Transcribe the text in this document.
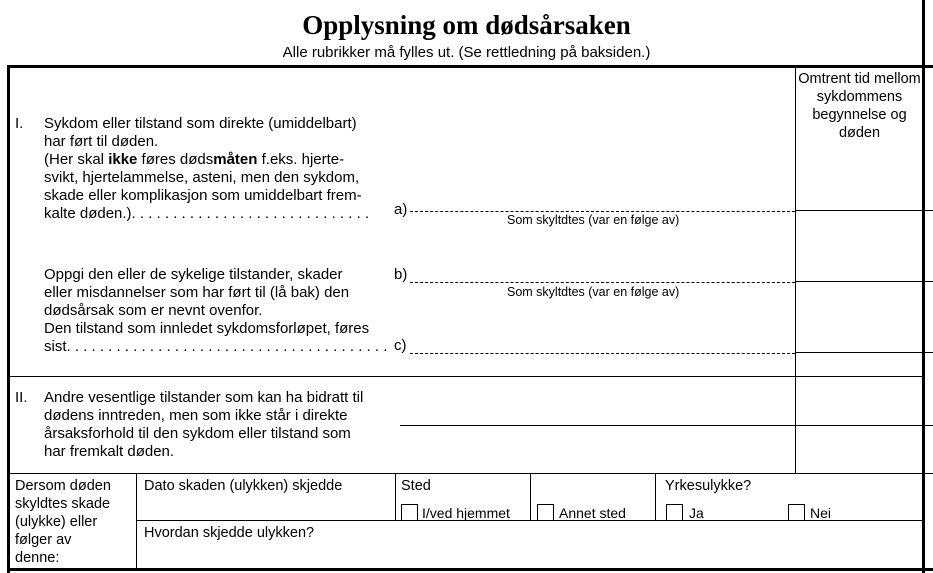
Opplysning om dødsårsaken
Alle rubrikker må fylles ut. (Se rettledning på baksiden.)
Omtrent tid mellom sykdommens begynnelse og døden
I. Sykdom eller tilstand som direkte (umiddelbart)
har ført til døden.
(Her skal ikke føres dødsmåten f.eks. hjerte-
svikt, hjertelammelse, asteni, men den sykdom,
skade eller komplikasjon som umiddelbart frem-
kalte døden.). . . . . . . . . . . . . . . . . . . . . . . . . . . . .	a)
Som skyltdtes (var en følge av)
Oppgi den eller de sykelige tilstander, skader
eller misdannelser som har ført til (lå bak) den
dødsårsak som er nevnt ovenfor.
Den tilstand som innledet sykdomsforløpet, føres
sist. . . . . . . . . . . . . . . . . . . . . . . . . . . . . . . . . . . . . . .
b)
Som skyltdtes (var en følge av)
c)
II. Andre vesentlige tilstander som kan ha bidratt til
dødens inntreden, men som ikke står i direkte
årsaksforhold til den sykdom eller tilstand som
har fremkalt døden.
Dersom døden
skyldtes skade
(ulykke) eller
følger av
denne:
Dato skaden (ulykken) skjedde	Sted
I/ved hjemmet	Annet sted
Yrkesulykke?
Ja	Nei
Hvordan skjedde ulykken?
